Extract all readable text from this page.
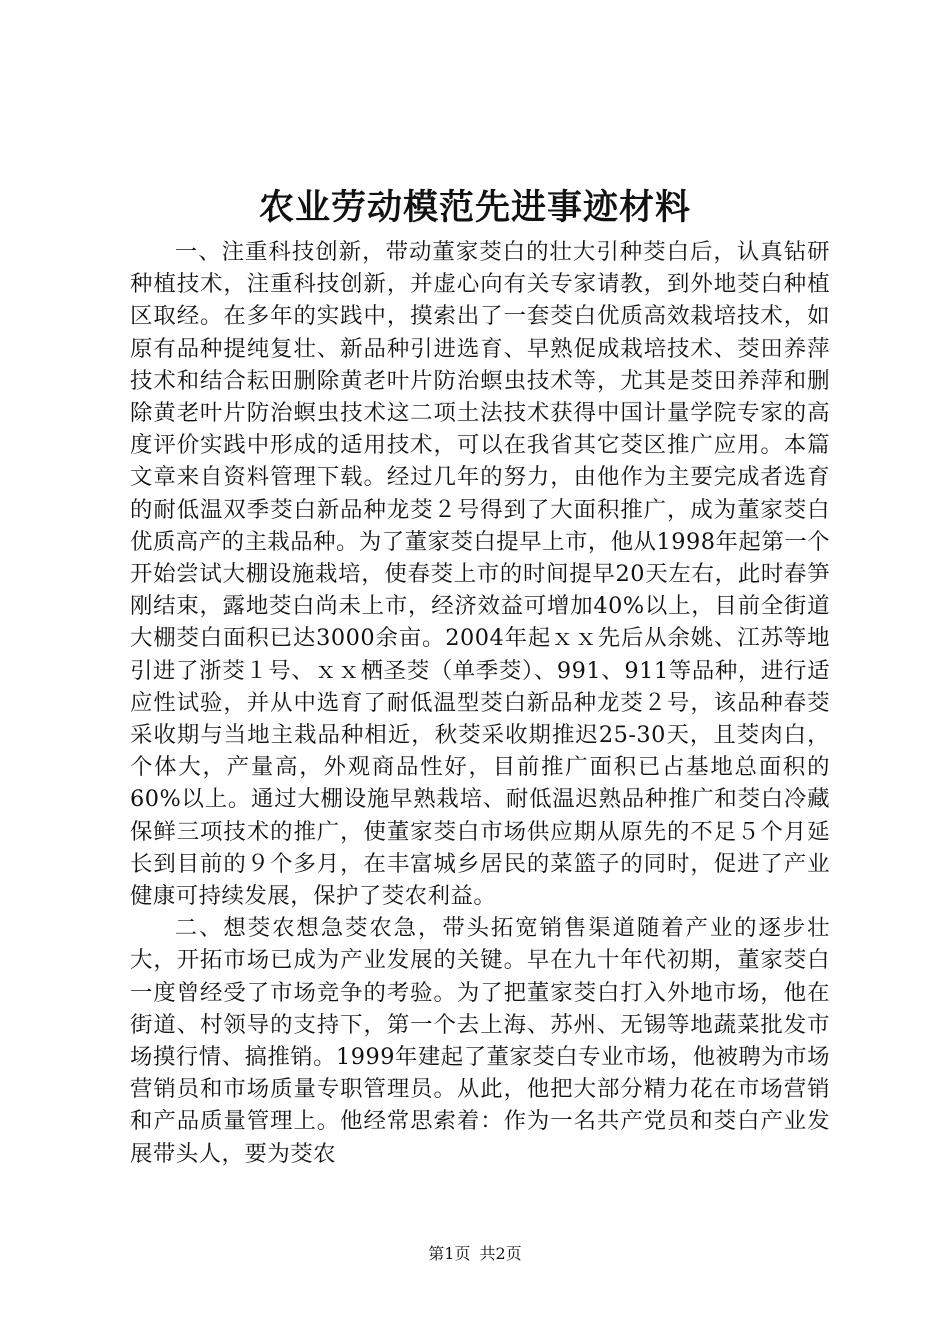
农业劳动模范先进事迹材料

一、注重科技创新，带动董家茭白的壮大引种茭白后，认真钻研种植技术，注重科技创新，并虚心向有关专家请教，到外地茭白种植区取经。在多年的实践中，摸索出了一套茭白优质高效栽培技术，如原有品种提纯复壮、新品种引进选育、早熟促成栽培技术、茭田养萍技术和结合耘田删除黄老叶片防治螟虫技术等，尤其是茭田养萍和删除黄老叶片防治螟虫技术这二项土法技术获得中国计量学院专家的高度评价实践中形成的适用技术，可以在我省其它茭区推广应用。本篇文章来自资料管理下载。经过几年的努力，由他作为主要完成者选育的耐低温双季茭白新品种龙茭２号得到了大面积推广，成为董家茭白优质高产的主栽品种。为了董家茭白提早上市，他从1998年起第一个开始尝试大棚设施栽培，使春茭上市的时间提早20天左右，此时春笋刚结束，露地茭白尚未上市，经济效益可增加40%以上，目前全街道大棚茭白面积已达3000余亩。2004年起ｘｘ先后从余姚、江苏等地引进了浙茭１号、ｘｘ栖圣茭（单季茭）、991、911等品种，进行适应性试验，并从中选育了耐低温型茭白新品种龙茭２号，该品种春茭采收期与当地主栽品种相近，秋茭采收期推迟25-30天，且茭肉白，个体大，产量高，外观商品性好，目前推广面积已占基地总面积的60%以上。通过大棚设施早熟栽培、耐低温迟熟品种推广和茭白冷藏保鲜三项技术的推广，使董家茭白市场供应期从原先的不足５个月延长到目前的９个多月，在丰富城乡居民的菜篮子的同时，促进了产业健康可持续发展，保护了茭农利益。

二、想茭农想急茭农急，带头拓宽销售渠道随着产业的逐步壮大，开拓市场已成为产业发展的关键。早在九十年代初期，董家茭白一度曾经受了市场竞争的考验。为了把董家茭白打入外地市场，他在街道、村领导的支持下，第一个去上海、苏州、无锡等地蔬菜批发市场摸行情、搞推销。1999年建起了董家茭白专业市场，他被聘为市场营销员和市场质量专职管理员。从此，他把大部分精力花在市场营销和产品质量管理上。他经常思索着：作为一名共产党员和茭白产业发展带头人，要为茭农

第1页 共2页
